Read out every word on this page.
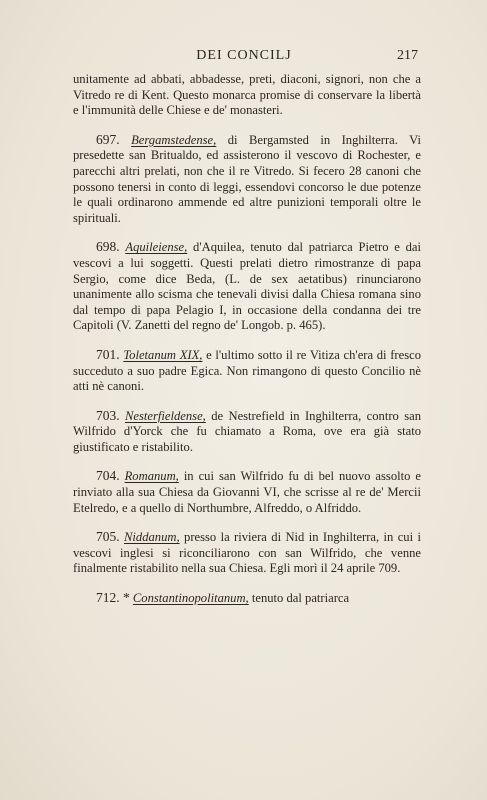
DEI CONCILJ	217

unitamente ad abbati, abbadesse, preti, diaconi, signori, non che a Vitredo re di Kent. Questo monarca promise di conservare la libertà e l'immunità delle Chiese e de' monasteri.

697. Bergamstedense, di Bergamsted in Inghilterra. Vi presedette san Britualdo, ed assisterono il vescovo di Rochester, e parecchi altri prelati, non che il re Vitredo. Si fecero 28 canoni che possono tenersi in conto di leggi, essendovi concorso le due potenze le quali ordinarono ammende ed altre punizioni temporali oltre le spirituali.

698. Aquileiense, d'Aquilea, tenuto dal patriarca Pietro e dai vescovi a lui soggetti. Questi prelati dietro rimostranze di papa Sergio, come dice Beda, (L. de sex aetatibus) rinunciarono unanimente allo scisma che tenevali divisi dalla Chiesa romana sino dal tempo di papa Pelagio I, in occasione della condanna dei tre Capitoli (V. Zanetti del regno de' Longob. p. 465).

701. Toletanum XIX, e l'ultimo sotto il re Vitiza ch'era di fresco succeduto a suo padre Egica. Non rimangono di questo Concilio nè atti nè canoni.

703. Nesterfieldense, de Nestrefield in Inghilterra, contro san Wilfrido d'Yorck che fu chiamato a Roma, ove era già stato giustificato e ristabilito.

704. Romanum, in cui san Wilfrido fu di bel nuovo assolto e rinviato alla sua Chiesa da Giovanni VI, che scrisse al re de' Mercii Etelredo, e a quello di Northumbre, Alfreddo, o Alfriddo.

705. Niddanum, presso la riviera di Nid in Inghilterra, in cui i vescovi inglesi si riconciliarono con san Wilfrido, che venne finalmente ristabilito nella sua Chiesa. Egli morì il 24 aprile 709.

712. * Constantinopolitanum, tenuto dal patriarca
